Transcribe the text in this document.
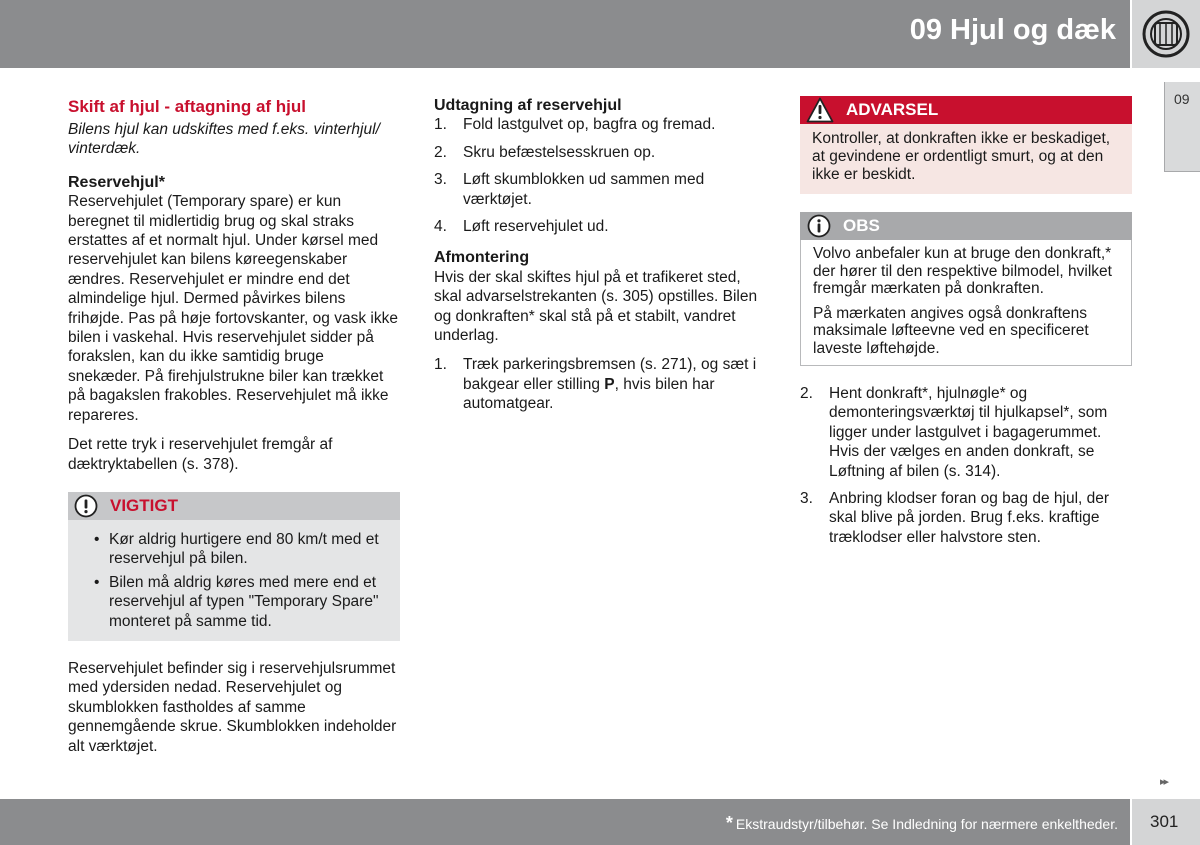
09 Hjul og dæk
09
Skift af hjul - aftagning af hjul
Bilens hjul kan udskiftes med f.eks. vinterhjul/ vinterdæk.
Reservehjul*

Reservehjulet (Temporary spare) er kun beregnet til midlertidig brug og skal straks erstattes af et normalt hjul. Under kørsel med reservehjulet kan bilens køreegenskaber ændres. Reservehjulet er mindre end det almindelige hjul. Dermed påvirkes bilens frihøjde. Pas på høje fortovskanter, og vask ikke bilen i vaskehal. Hvis reservehjulet sidder på forakslen, kan du ikke samtidig bruge snekæder. På firehjulstrukne biler kan trækket på bagakslen frakobles. Reservehjulet må ikke repareres.

Det rette tryk i reservehjulet fremgår af dæktryktabellen (s. 378).

VIGTIGT
• Kør aldrig hurtigere end 80 km/t med et reservehjul på bilen.
• Bilen må aldrig køres med mere end et reservehjul af typen "Temporary Spare" monteret på samme tid.

Reservehjulet befinder sig i reservehjulsrummet med ydersiden nedad. Reservehjulet og skumblokken fastholdes af samme gennemgående skrue. Skumblokken indeholder alt værktøjet.

Udtagning af reservehjul
1.	Fold lastgulvet op, bagfra og fremad.
2.	Skru befæstelsesskruen op.
3.	Løft skumblokken ud sammen med værktøjet.
4.	Løft reservehjulet ud.
Afmontering

Hvis der skal skiftes hjul på et trafikeret sted, skal advarselstrekanten (s. 305) opstilles. Bilen og donkraften* skal stå på et stabilt, vandret underlag.

1.	Træk parkeringsbremsen (s. 271), og sæt i bakgear eller stilling P, hvis bilen har automatgear.
ADVARSEL
Kontroller, at donkraften ikke er beskadiget, at gevindene er ordentligt smurt, og at den ikke er beskidt.
OBS

Volvo anbefaler kun at bruge den donkraft,* der hører til den respektive bilmodel, hvilket fremgår mærkaten på donkraften.

På mærkaten angives også donkraftens maksimale løfteevne ved en specificeret laveste løftehøjde.

2.	Hent donkraft*, hjulnøgle* og demonteringsværktøj til hjulkapsel*, som ligger under lastgulvet i bagagerummet. Hvis der vælges en anden donkraft, se Løftning af bilen (s. 314).
3.	Anbring klodser foran og bag de hjul, der skal blive på jorden. Brug f.eks. kraftige træklodser eller halvstore sten.
▸▸
* Ekstraudstyr/tilbehør. Se Indledning for nærmere enkeltheder. 301
